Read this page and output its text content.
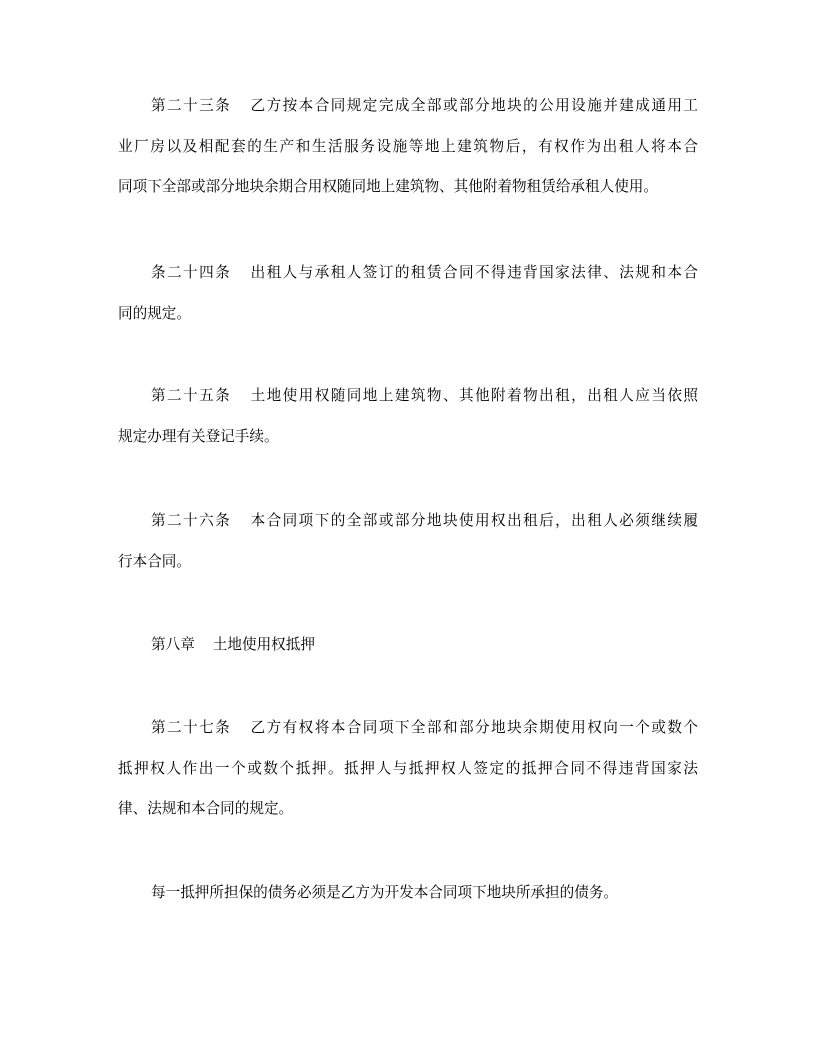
第二十三条 乙方按本合同规定完成全部或部分地块的公用设施并建成通用工
业厂房以及相配套的生产和生活服务设施等地上建筑物后，有权作为出租人将本合
同项下全部或部分地块余期合用权随同地上建筑物、其他附着物租赁给承租人使用。
条二十四条 出租人与承租人签订的租赁合同不得违背国家法律、法规和本合
同的规定。
第二十五条 土地使用权随同地上建筑物、其他附着物出租，出租人应当依照
规定办理有关登记手续。
第二十六条 本合同项下的全部或部分地块使用权出租后，出租人必须继续履
行本合同。
第八章 土地使用权抵押
第二十七条 乙方有权将本合同项下全部和部分地块余期使用权向一个或数个
抵押权人作出一个或数个抵押。抵押人与抵押权人签定的抵押合同不得违背国家法
律、法规和本合同的规定。
每一抵押所担保的债务必须是乙方为开发本合同项下地块所承担的债务。
